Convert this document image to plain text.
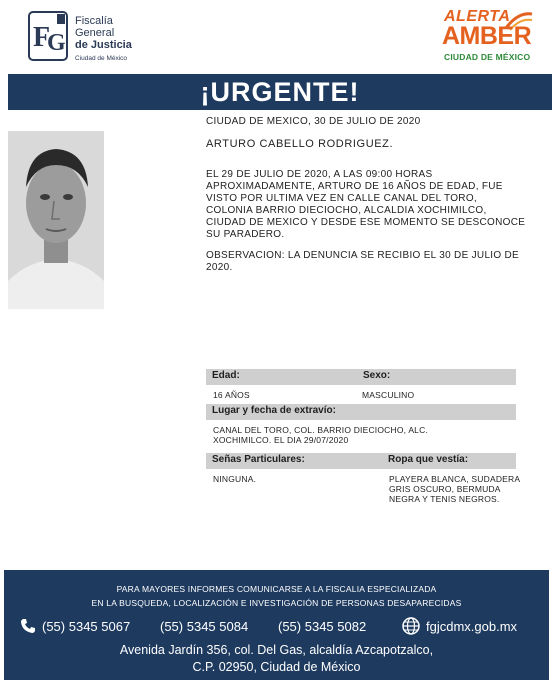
F
G
Fiscalía
General
de Justicia
Ciudad de México
ALERTA
AMBER
CIUDAD DE MÉXICO
¡URGENTE!
CIUDAD DE MEXICO, 30 DE JULIO DE 2020
ARTURO CABELLO RODRIGUEZ.
EL 29 DE JULIO DE 2020, A LAS 09:00 HORAS APROXIMADAMENTE, ARTURO DE 16 AÑOS DE EDAD, FUE VISTO POR ULTIMA VEZ EN CALLE CANAL DEL TORO, COLONIA BARRIO DIECIOCHO, ALCALDIA XOCHIMILCO, CIUDAD DE MEXICO Y DESDE ESE MOMENTO SE DESCONOCE SU PARADERO.
OBSERVACION: LA DENUNCIA SE RECIBIO EL 30 DE JULIO DE 2020.
Edad:	Sexo:
16 AÑOS	MASCULINO
Lugar y fecha de extravío:
CANAL DEL TORO, COL. BARRIO DIECIOCHO, ALC.
XOCHIMILCO. EL DIA 29/07/2020
Señas Particulares:	Ropa que vestía:
NINGUNA.	PLAYERA BLANCA, SUDADERA
GRIS OSCURO, BERMUDA
NEGRA Y TENIS NEGROS.
PARA MAYORES INFORMES COMUNICARSE A LA FISCALIA ESPECIALIZADA
EN LA BUSQUEDA, LOCALIZACIÓN E INVESTIGACIÓN DE PERSONAS DESAPARECIDAS
(55) 5345 5067 (55) 5345 5084 (55) 5345 5082	fgjcdmx.gob.mx
Avenida Jardín 356, col. Del Gas, alcaldía Azcapotzalco,
C.P. 02950, Ciudad de México
